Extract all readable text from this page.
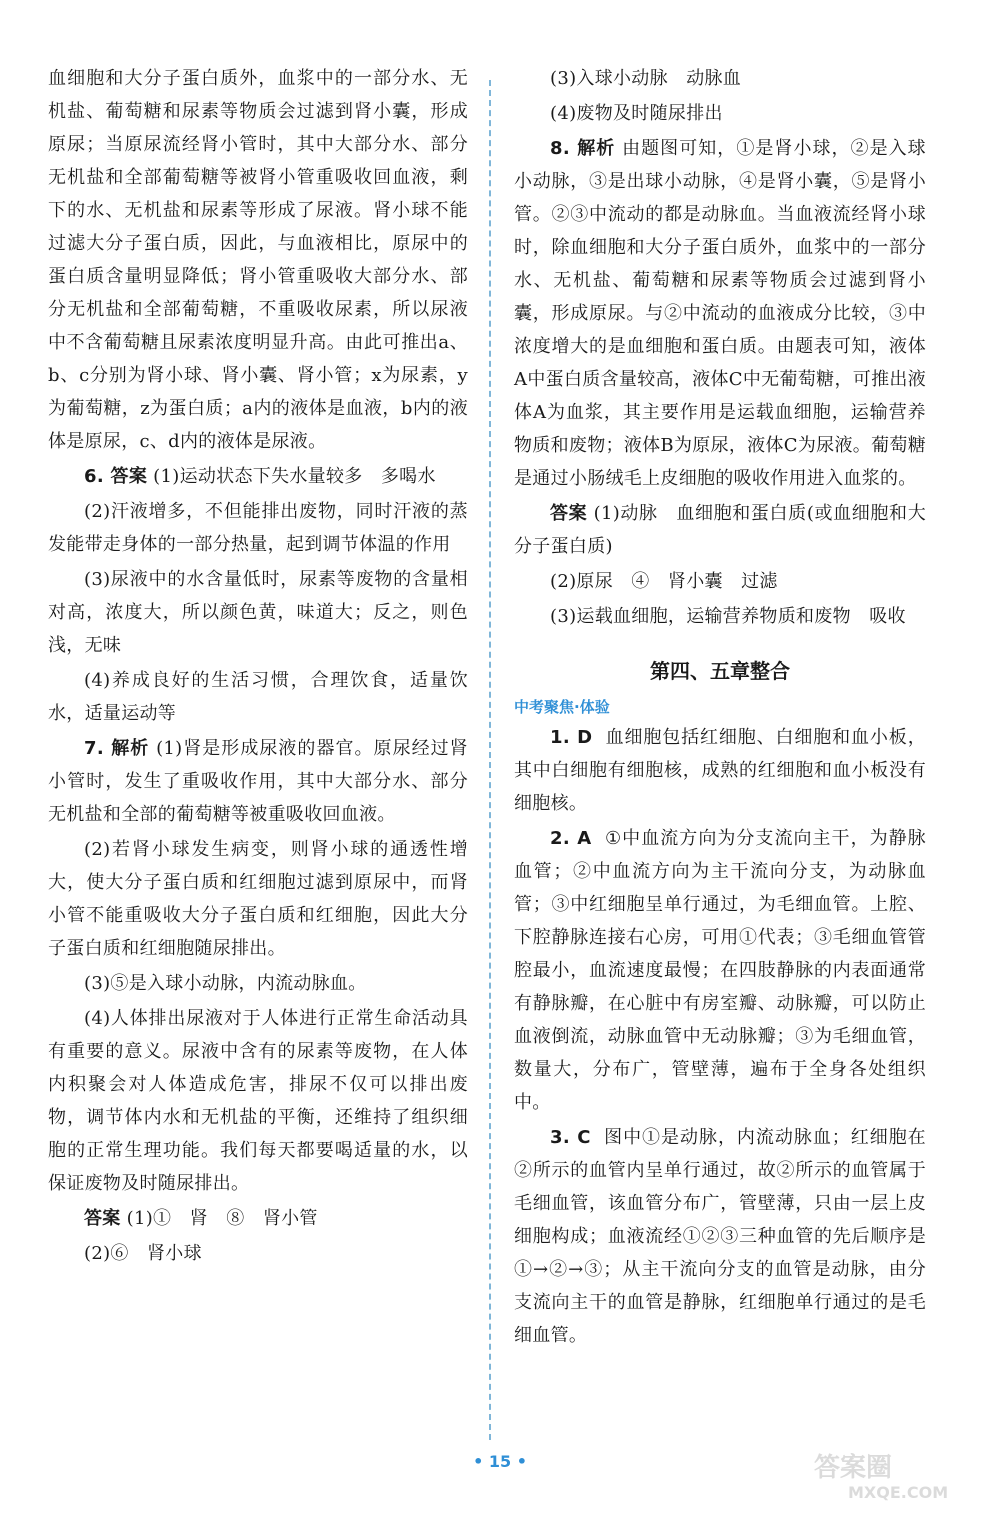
血细胞和大分子蛋白质外，血浆中的一部分水、无机盐、葡萄糖和尿素等物质会过滤到肾小囊，形成原尿；当原尿流经肾小管时，其中大部分水、部分无机盐和全部葡萄糖等被肾小管重吸收回血液，剩下的水、无机盐和尿素等形成了尿液。肾小球不能过滤大分子蛋白质，因此，与血液相比，原尿中的蛋白质含量明显降低；肾小管重吸收大部分水、部分无机盐和全部葡萄糖，不重吸收尿素，所以尿液中不含葡萄糖且尿素浓度明显升高。由此可推出a、b、c分别为肾小球、肾小囊、肾小管；x为尿素，y为葡萄糖，z为蛋白质；a内的液体是血液，b内的液体是原尿，c、d内的液体是尿液。

6. 答案 (1)运动状态下失水量较多　多喝水

(2)汗液增多，不但能排出废物，同时汗液的蒸发能带走身体的一部分热量，起到调节体温的作用

(3)尿液中的水含量低时，尿素等废物的含量相对高，浓度大，所以颜色黄，味道大；反之，则色浅，无味

(4)养成良好的生活习惯，合理饮食，适量饮水，适量运动等

7. 解析 (1)肾是形成尿液的器官。原尿经过肾小管时，发生了重吸收作用，其中大部分水、部分无机盐和全部的葡萄糖等被重吸收回血液。

(2)若肾小球发生病变，则肾小球的通透性增大，使大分子蛋白质和红细胞过滤到原尿中，而肾小管不能重吸收大分子蛋白质和红细胞，因此大分子蛋白质和红细胞随尿排出。

(3)⑤是入球小动脉，内流动脉血。

(4)人体排出尿液对于人体进行正常生命活动具有重要的意义。尿液中含有的尿素等废物，在人体内积聚会对人体造成危害，排尿不仅可以排出废物，调节体内水和无机盐的平衡，还维持了组织细胞的正常生理功能。我们每天都要喝适量的水，以保证废物及时随尿排出。

答案 (1)①　肾　⑧　肾小管

(2)⑥　肾小球

(3)入球小动脉　动脉血

(4)废物及时随尿排出

8. 解析 由题图可知，①是肾小球，②是入球小动脉，③是出球小动脉，④是肾小囊，⑤是肾小管。②③中流动的都是动脉血。当血液流经肾小球时，除血细胞和大分子蛋白质外，血浆中的一部分水、无机盐、葡萄糖和尿素等物质会过滤到肾小囊，形成原尿。与②中流动的血液成分比较，③中浓度增大的是血细胞和蛋白质。由题表可知，液体A中蛋白质含量较高，液体C中无葡萄糖，可推出液体A为血浆，其主要作用是运载血细胞，运输营养物质和废物；液体B为原尿，液体C为尿液。葡萄糖是通过小肠绒毛上皮细胞的吸收作用进入血浆的。

答案 (1)动脉　血细胞和蛋白质(或血细胞和大分子蛋白质)

(2)原尿　④　肾小囊　过滤

(3)运载血细胞，运输营养物质和废物　吸收

第四、五章整合
中考聚焦·体验

1. D 血细胞包括红细胞、白细胞和血小板，其中白细胞有细胞核，成熟的红细胞和血小板没有细胞核。

2. A ①中血流方向为分支流向主干，为静脉血管；②中血流方向为主干流向分支，为动脉血管；③中红细胞呈单行通过，为毛细血管。上腔、下腔静脉连接右心房，可用①代表；③毛细血管管腔最小，血流速度最慢；在四肢静脉的内表面通常有静脉瓣，在心脏中有房室瓣、动脉瓣，可以防止血液倒流，动脉血管中无动脉瓣；③为毛细血管，数量大，分布广，管壁薄，遍布于全身各处组织中。

3. C 图中①是动脉，内流动脉血；红细胞在②所示的血管内呈单行通过，故②所示的血管属于毛细血管，该血管分布广，管壁薄，只由一层上皮细胞构成；血液流经①②③三种血管的先后顺序是①→②→③；从主干流向分支的血管是动脉，由分支流向主干的血管是静脉，红细胞单行通过的是毛细血管。

• 15 •	答案圈
MXQE.COM
